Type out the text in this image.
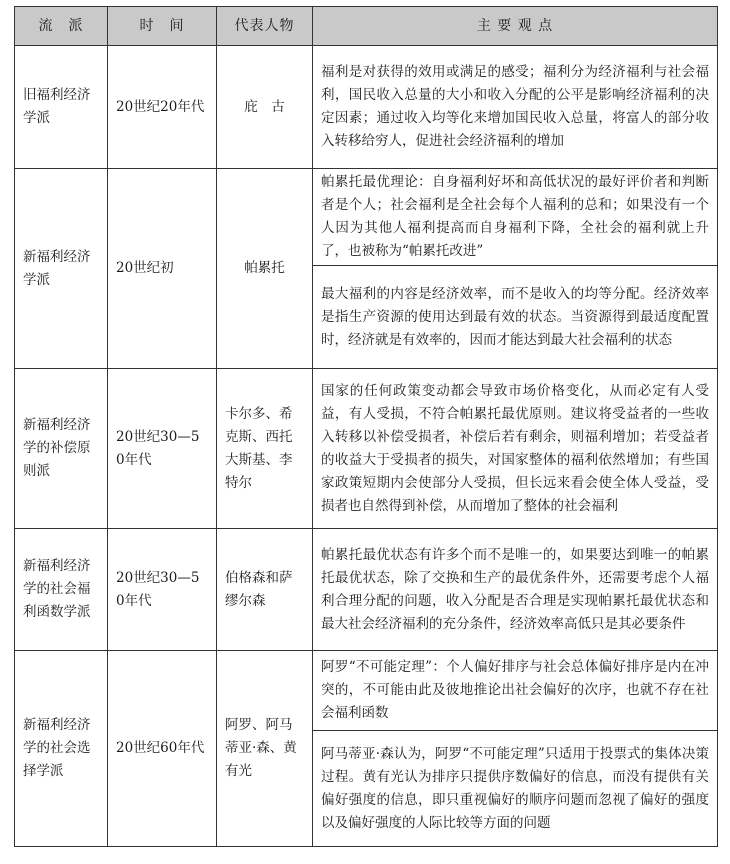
流　派	时　间	代表人物	主 要 观 点
旧福利经济学派	20世纪20年代	庇　古	福利是对获得的效用或满足的感受；福利分为经济福利与社会福利，国民收入总量的大小和收入分配的公平是影响经济福利的决定因素；通过收入均等化来增加国民收入总量，将富人的部分收入转移给穷人，促进社会经济福利的增加
新福利经济学派	20世纪初	帕累托	帕累托最优理论：自身福利好坏和高低状况的最好评价者和判断者是个人；社会福利是全社会每个人福利的总和；如果没有一个人因为其他人福利提高而自身福利下降，全社会的福利就上升了，也被称为“帕累托改进”
			最大福利的内容是经济效率，而不是收入的均等分配。经济效率是指生产资源的使用达到最有效的状态。当资源得到最适度配置时，经济就是有效率的，因而才能达到最大社会福利的状态
新福利经济学的补偿原则派	20世纪30—50年代	卡尔多、希克斯、西托大斯基、李特尔	国家的任何政策变动都会导致市场价格变化，从而必定有人受益，有人受损，不符合帕累托最优原则。建议将受益者的一些收入转移以补偿受损者，补偿后若有剩余，则福利增加；若受益者的收益大于受损者的损失，对国家整体的福利依然增加；有些国家政策短期内会使部分人受损，但长远来看会使全体人受益，受损者也自然得到补偿，从而增加了整体的社会福利
新福利经济学的社会福利函数学派	20世纪30—50年代	伯格森和萨缪尔森	帕累托最优状态有许多个而不是唯一的，如果要达到唯一的帕累托最优状态，除了交换和生产的最优条件外，还需要考虑个人福利合理分配的问题，收入分配是否合理是实现帕累托最优状态和最大社会经济福利的充分条件，经济效率高低只是其必要条件
新福利经济学的社会选择学派	20世纪60年代	阿罗、阿马蒂亚·森、黄有光	阿罗“不可能定理”：个人偏好排序与社会总体偏好排序是内在冲突的，不可能由此及彼地推论出社会偏好的次序，也就不存在社会福利函数
			阿马蒂亚·森认为，阿罗“不可能定理”只适用于投票式的集体决策过程。黄有光认为排序只提供序数偏好的信息，而没有提供有关偏好强度的信息，即只重视偏好的顺序问题而忽视了偏好的强度以及偏好强度的人际比较等方面的问题
